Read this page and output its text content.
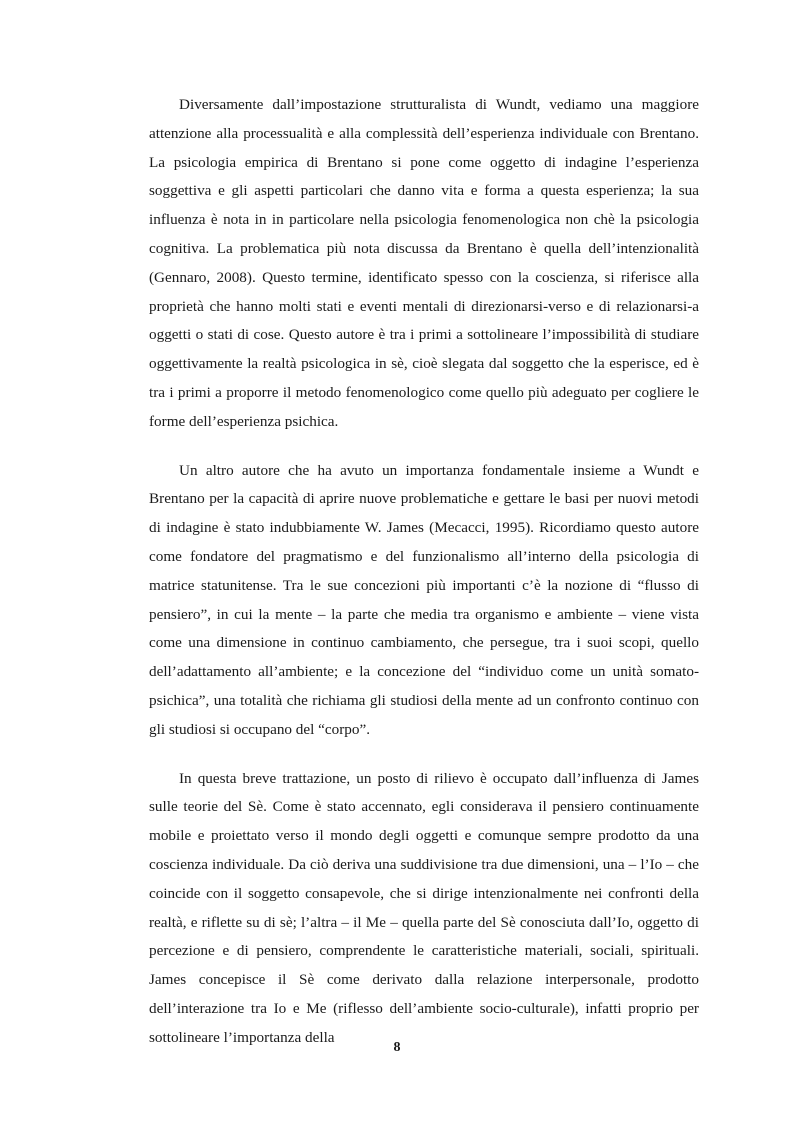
Diversamente dall’impostazione strutturalista di Wundt, vediamo una maggiore attenzione alla processualità e alla complessità dell’esperienza individuale con Brentano. La psicologia empirica di Brentano si pone come oggetto di indagine l’esperienza soggettiva e gli aspetti particolari che danno vita e forma a questa esperienza; la sua influenza è nota in in particolare nella psicologia fenomenologica non chè la psicologia cognitiva. La problematica più nota discussa da Brentano è quella dell’intenzionalità (Gennaro, 2008). Questo termine, identificato spesso con la coscienza, si riferisce alla proprietà che hanno molti stati e eventi mentali di direzionarsi-verso e di relazionarsi-a oggetti o stati di cose. Questo autore è tra i primi a sottolineare l’impossibilità di studiare oggettivamente la realtà psicologica in sè, cioè slegata dal soggetto che la esperisce, ed è tra i primi a proporre il metodo fenomenologico come quello più adeguato per cogliere le forme dell’esperienza psichica.

Un altro autore che ha avuto un importanza fondamentale insieme a Wundt e Brentano per la capacità di aprire nuove problematiche e gettare le basi per nuovi metodi di indagine è stato indubbiamente W. James (Mecacci, 1995). Ricordiamo questo autore come fondatore del pragmatismo e del funzionalismo all’interno della psicologia di matrice statunitense. Tra le sue concezioni più importanti c’è la nozione di “flusso di pensiero”, in cui la mente – la parte che media tra organismo e ambiente – viene vista come una dimensione in continuo cambiamento, che persegue, tra i suoi scopi, quello dell’adattamento all’ambiente; e la concezione del “individuo come un unità somato-psichica”, una totalità che richiama gli studiosi della mente ad un confronto continuo con gli studiosi si occupano del “corpo”.

In questa breve trattazione, un posto di rilievo è occupato dall’influenza di James sulle teorie del Sè. Come è stato accennato, egli considerava il pensiero continuamente mobile e proiettato verso il mondo degli oggetti e comunque sempre prodotto da una coscienza individuale. Da ciò deriva una suddivisione tra due dimensioni, una – l’Io – che coincide con il soggetto consapevole, che si dirige intenzionalmente nei confronti della realtà, e riflette su di sè; l’altra – il Me – quella parte del Sè conosciuta dall’Io, oggetto di percezione e di pensiero, comprendente le caratteristiche materiali, sociali, spirituali. James concepisce il Sè come derivato dalla relazione interpersonale, prodotto dell’interazione tra Io e Me (riflesso dell’ambiente socio-culturale), infatti proprio per sottolineare l’importanza della

8
